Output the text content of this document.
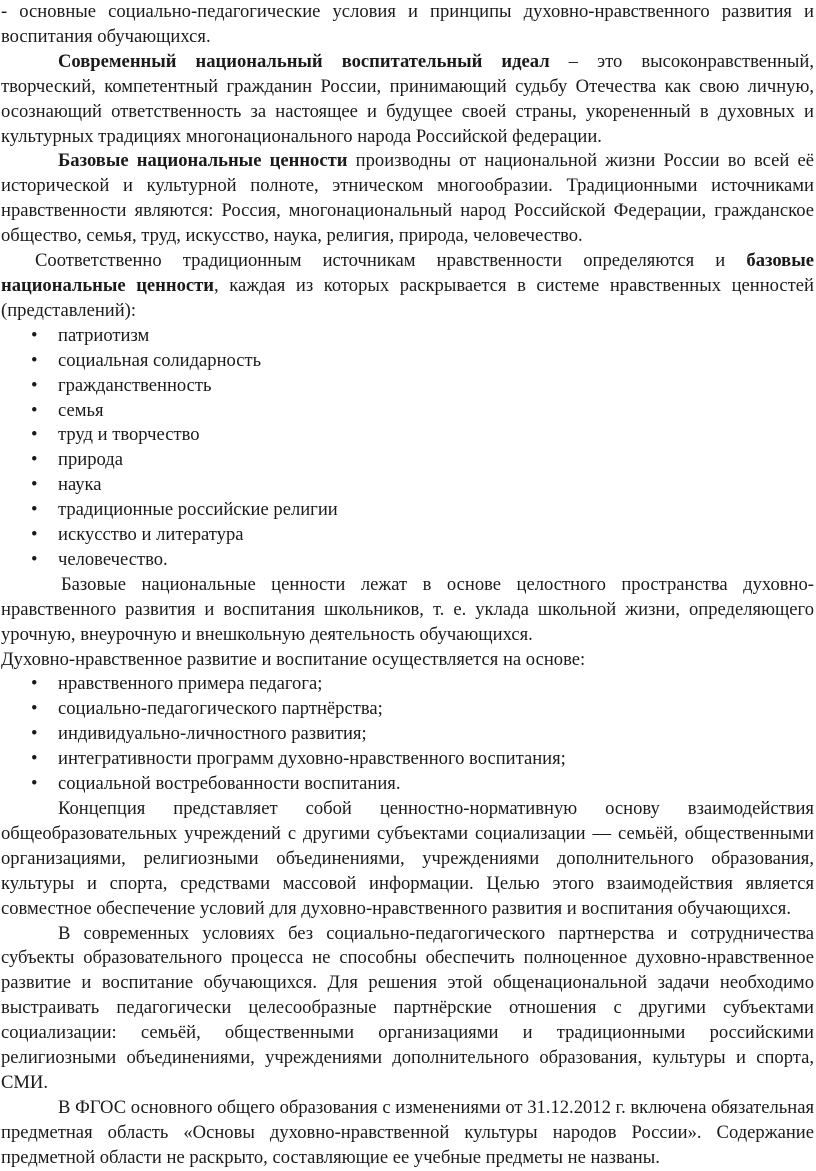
- основные социально-педагогические условия и принципы духовно-нравственного развития и воспитания обучающихся.

Современный национальный воспитательный идеал – это высоконравственный, творческий, компетентный гражданин России, принимающий судьбу Отечества как свою личную, осознающий ответственность за настоящее и будущее своей страны, укорененный в духовных и культурных традициях многонационального народа Российской федерации.

Базовые национальные ценности производны от национальной жизни России во всей её исторической и культурной полноте, этническом многообразии. Традиционными источниками нравственности являются: Россия, многонациональный народ Российской Федерации, гражданское общество, семья, труд, искусство, наука, религия, природа, человечество.

Соответственно традиционным источникам нравственности определяются и базовые национальные ценности, каждая из которых раскрывается в системе нравственных ценностей (представлений):

• патриотизм
• социальная солидарность
• гражданственность
• семья
• труд и творчество
• природа
• наука
• традиционные российские религии
• искусство и литература
• человечество.

Базовые национальные ценности лежат в основе целостного пространства духовно-нравственного развития и воспитания школьников, т. е. уклада школьной жизни, определяющего урочную, внеурочную и внешкольную деятельность обучающихся.

Духовно-нравственное развитие и воспитание осуществляется на основе:

• нравственного примера педагога;
• социально-педагогического партнёрства;
• индивидуально-личностного развития;
• интегративности программ духовно-нравственного воспитания;
• социальной востребованности воспитания.

Концепция представляет собой ценностно-нормативную основу взаимодействия общеобразовательных учреждений с другими субъектами социализации — семьёй, общественными организациями, религиозными объединениями, учреждениями дополнительного образования, культуры и спорта, средствами массовой информации. Целью этого взаимодействия является совместное обеспечение условий для духовно-нравственного развития и воспитания обучающихся.

В современных условиях без социально-педагогического партнерства и сотрудничества субъекты образовательного процесса не способны обеспечить полноценное духовно-нравственное развитие и воспитание обучающихся. Для решения этой общенациональной задачи необходимо выстраивать педагогически целесообразные партнёрские отношения с другими субъектами социализации: семьёй, общественными организациями и традиционными российскими религиозными объединениями, учреждениями дополнительного образования, культуры и спорта, СМИ.

В ФГОС основного общего образования с изменениями от 31.12.2012 г. включена обязательная предметная область «Основы духовно-нравственной культуры народов России». Содержание предметной области не раскрыто, составляющие ее учебные предметы не названы.
